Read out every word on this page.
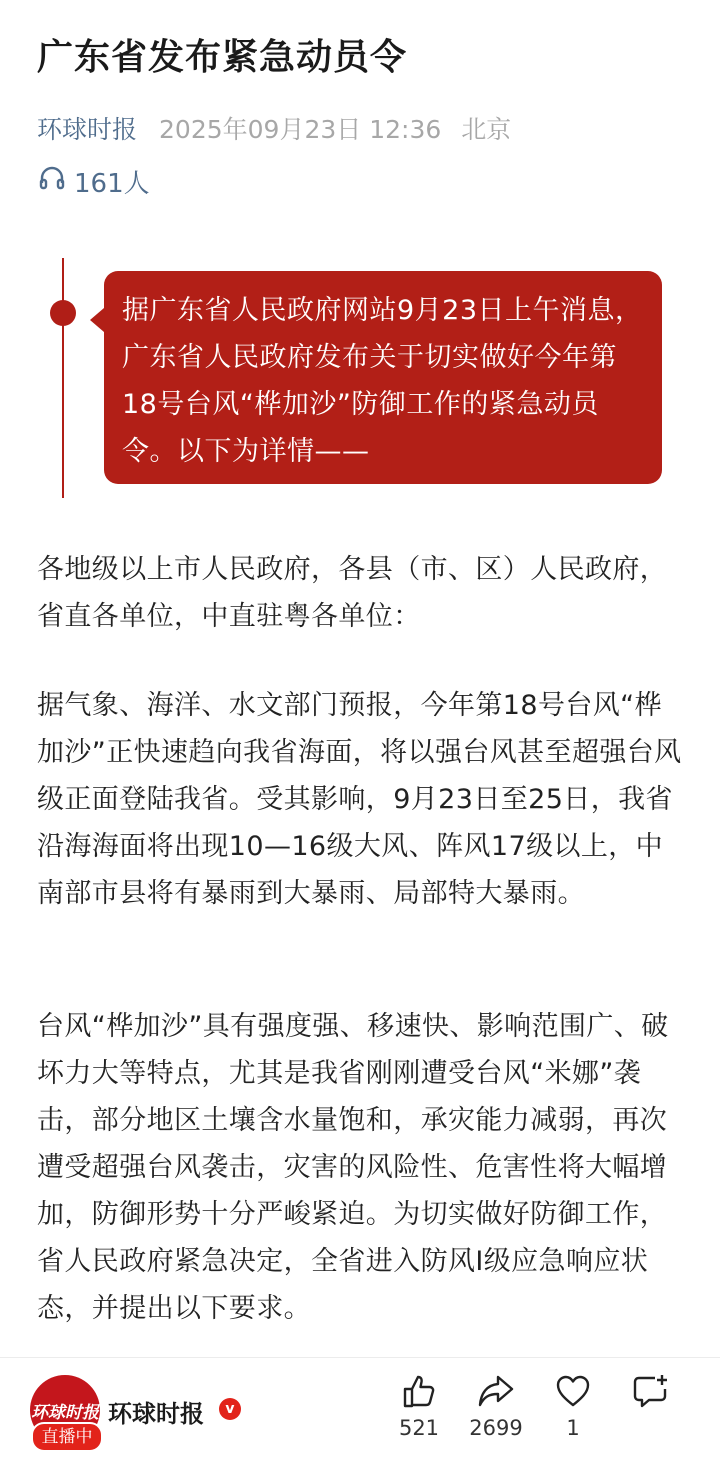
广东省发布紧急动员令
环球时报 2025年09月23日 12:36 北京
161人
据广东省人民政府网站9月23日上午消息，广东省人民政府发布关于切实做好今年第18号台风“桦加沙”防御工作的紧急动员令。以下为详情——

各地级以上市人民政府，各县（市、区）人民政府，省直各单位，中直驻粤各单位：

据气象、海洋、水文部门预报，今年第18号台风“桦加沙”正快速趋向我省海面，将以强台风甚至超强台风级正面登陆我省。受其影响，9月23日至25日，我省沿海海面将出现10—16级大风、阵风17级以上，中南部市县将有暴雨到大暴雨、局部特大暴雨。

台风“桦加沙”具有强度强、移速快、影响范围广、破坏力大等特点，尤其是我省刚刚遭受台风“米娜”袭击，部分地区土壤含水量饱和，承灾能力减弱，再次遭受超强台风袭击，灾害的风险性、危害性将大幅增加，防御形势十分严峻紧迫。为切实做好防御工作，省人民政府紧急决定，全省进入防风I级应急响应状态，并提出以下要求。

环球时报
直播中
环球时报	v
521	2699	1
